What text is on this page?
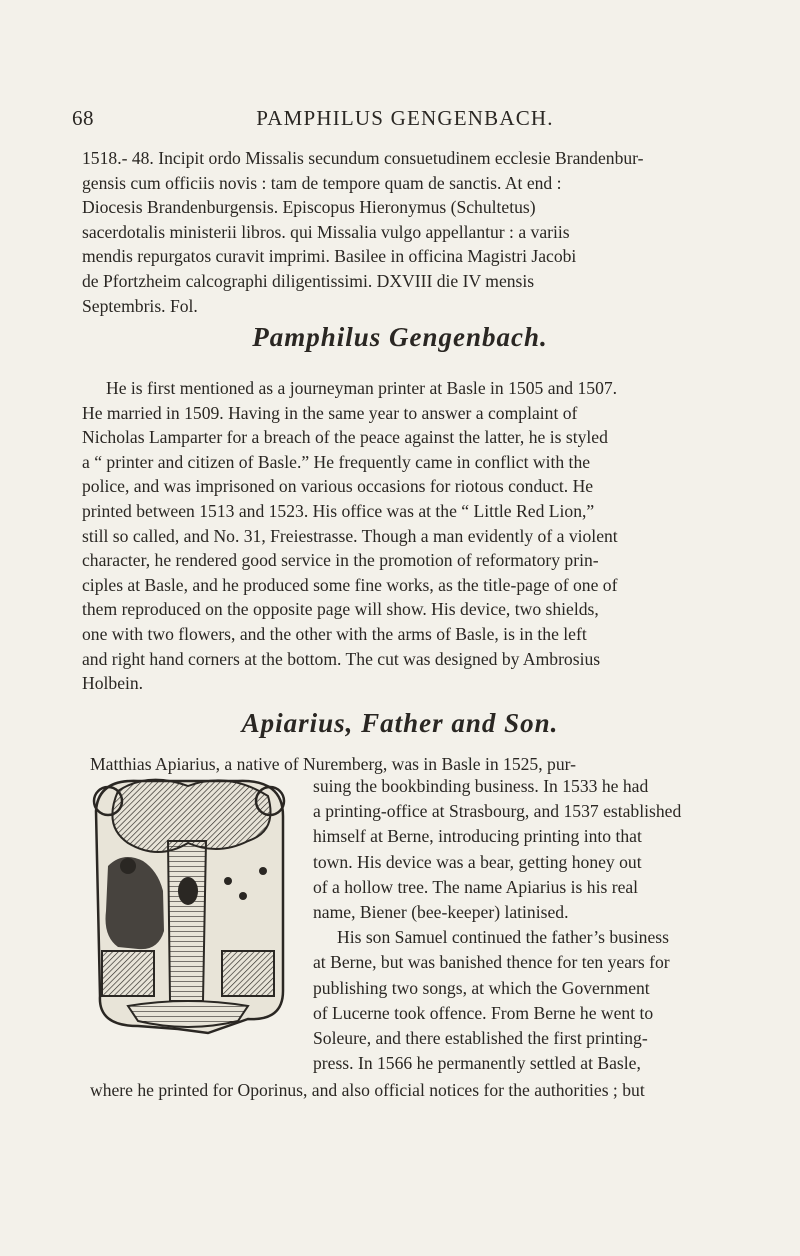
68	PAMPHILUS GENGENBACH.
1518.- 48. Incipit ordo Missalis secundum consuetudinem ecclesie Brandenbur-
gensis cum officiis novis : tam de tempore quam de sanctis. At end :
Diocesis Brandenburgensis. Episcopus Hieronymus (Schultetus)
sacerdotalis ministerii libros. qui Missalia vulgo appellantur : a variis
mendis repurgatos curavit imprimi. Basilee in officina Magistri Jacobi
de Pfortzheim calcographi diligentissimi. DXVIII die IV mensis
Septembris. Fol.
Pamphilus Gengenbach.
He is first mentioned as a journeyman printer at Basle in 1505 and 1507.
He married in 1509. Having in the same year to answer a complaint of
Nicholas Lamparter for a breach of the peace against the latter, he is styled
a “ printer and citizen of Basle.” He frequently came in conflict with the
police, and was imprisoned on various occasions for riotous conduct. He
printed between 1513 and 1523. His office was at the “ Little Red Lion,”
still so called, and No. 31, Freiestrasse. Though a man evidently of a violent
character, he rendered good service in the promotion of reformatory prin-
ciples at Basle, and he produced some fine works, as the title-page of one of
them reproduced on the opposite page will show. His device, two shields,
one with two flowers, and the other with the arms of Basle, is in the left
and right hand corners at the bottom. The cut was designed by Ambrosius
Holbein.
Apiarius, Father and Son.
Matthias Apiarius, a native of Nuremberg, was in Basle in 1525, pur-
suing the bookbinding business. In 1533 he had
a printing-office at Strasbourg, and 1537 established
himself at Berne, introducing printing into that
town. His device was a bear, getting honey out
of a hollow tree. The name Apiarius is his real
name, Biener (bee-keeper) latinised.
His son Samuel continued the father’s business
at Berne, but was banished thence for ten years for
publishing two songs, at which the Government
of Lucerne took offence. From Berne he went to
Soleure, and there established the first printing-
press. In 1566 he permanently settled at Basle,
where he printed for Oporinus, and also official notices for the authorities ; but
